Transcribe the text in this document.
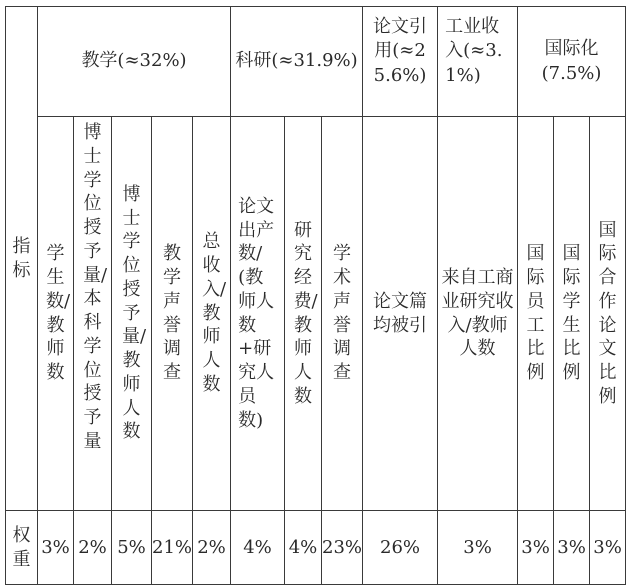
指标	教学(≈32%)					科研(≈31.9%)			论文引用(≈25.6%)	工业收入(≈3.1%)	国际化(7.5%)		
	学生数/教师数	博士学位授予量/本科学位授予量	博士学位授予量/教师人数	教学声誉调查	总收入/教师人数	论文出产数/(教师人数+研究人员数)	研究经费/教师人数	学术声誉调查	论文篇均被引	来自工商业研究收入/教师人数	国际员工比例	国际学生比例	国际合作论文比例
权重	3%	2%	5%	21%	2%	4%	4%	23%	26%	3%	3%	3%	3%
